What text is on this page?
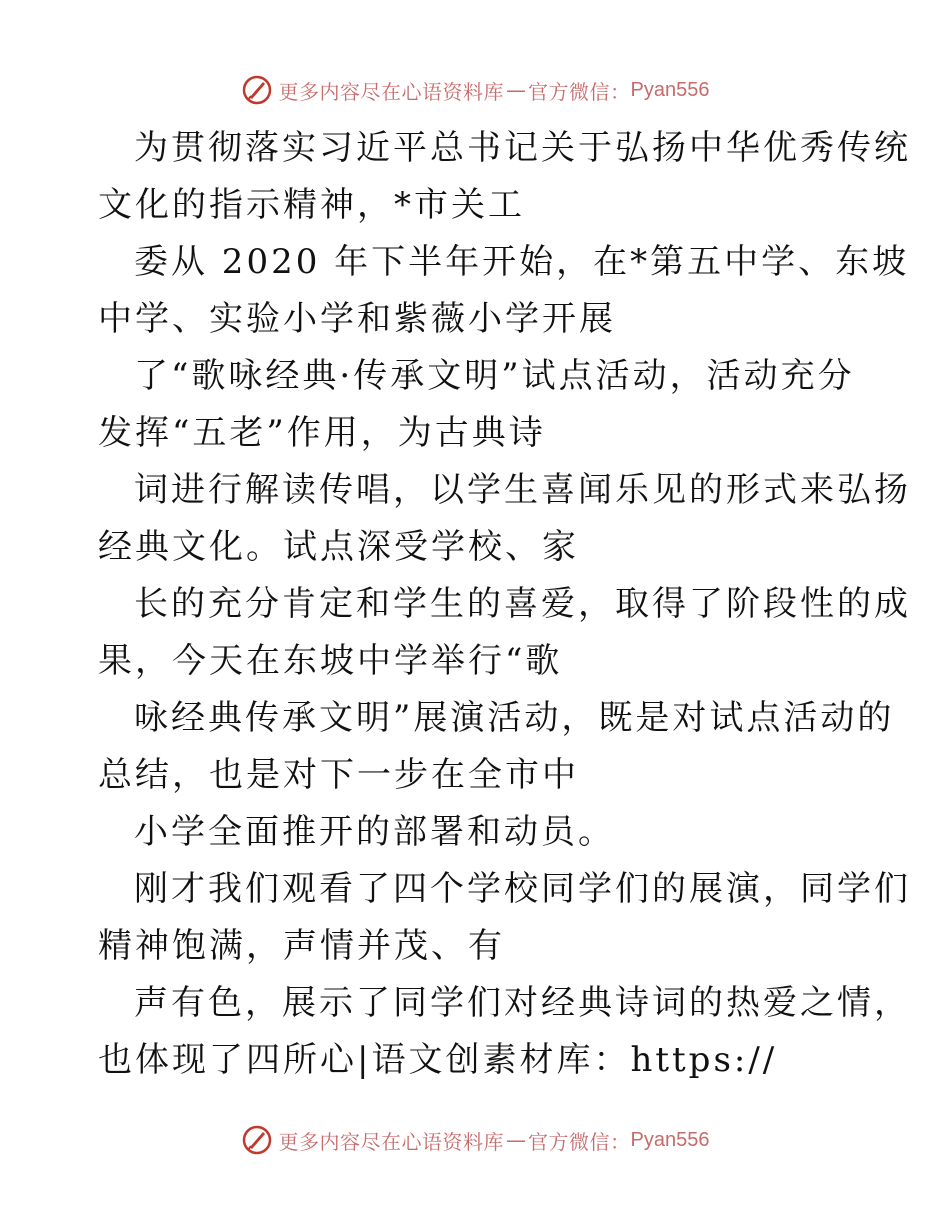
更多内容尽在心语资料库 — 官方微信： Pyan556
为贯彻落实习近平总书记关于弘扬中华优秀传统
文化的指示精神，*市关工
委从 2020 年下半年开始，在*第五中学、东坡
中学、实验小学和紫薇小学开展
了“歌咏经典·传承文明”试点活动，活动充分
发挥“五老”作用，为古典诗
词进行解读传唱，以学生喜闻乐见的形式来弘扬
经典文化。试点深受学校、家
长的充分肯定和学生的喜爱，取得了阶段性的成
果，今天在东坡中学举行“歌
咏经典传承文明”展演活动，既是对试点活动的
总结，也是对下一步在全市中
小学全面推开的部署和动员。
刚才我们观看了四个学校同学们的展演，同学们
精神饱满，声情并茂、有
声有色，展示了同学们对经典诗词的热爱之情，
也体现了四所心|语文创素材库：https://
更多内容尽在心语资料库 — 官方微信： Pyan556
